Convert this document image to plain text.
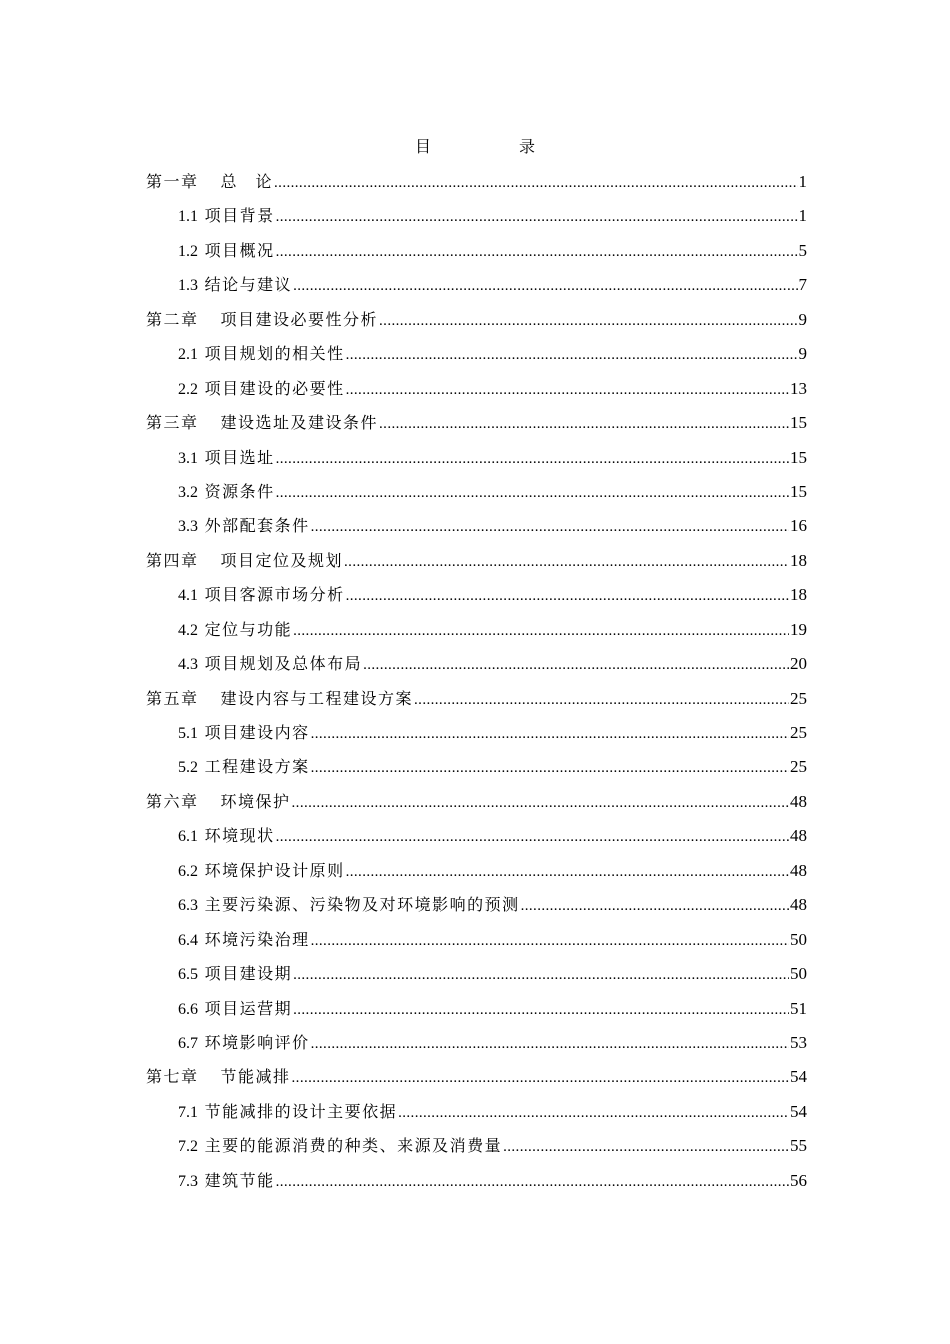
目　录
第一章 总　论 .....	1
1.1 项目背景 .....	1
1.2 项目概况 .....	5
1.3 结论与建议 .....	7
第二章 项目建设必要性分析 .....	9
2.1 项目规划的相关性 .....	9
2.2 项目建设的必要性 .....	13
第三章 建设选址及建设条件 .....	15
3.1 项目选址 .....	15
3.2 资源条件 .....	15
3.3 外部配套条件 .....	16
第四章 项目定位及规划 .....	18
4.1 项目客源市场分析 .....	18
4.2 定位与功能 .....	19
4.3 项目规划及总体布局 .....	20
第五章 建设内容与工程建设方案 .....	25
5.1 项目建设内容 .....	25
5.2 工程建设方案 .....	25
第六章 环境保护 .....	48
6.1 环境现状 .....	48
6.2 环境保护设计原则 .....	48
6.3 主要污染源、污染物及对环境影响的预测 .....	48
6.4 环境污染治理 .....	50
6.5 项目建设期 .....	50
6.6 项目运营期 .....	51
6.7 环境影响评价 .....	53
第七章 节能减排 .....	54
7.1 节能减排的设计主要依据 .....	54
7.2 主要的能源消费的种类、来源及消费量 .....	55
7.3 建筑节能 .....	56
